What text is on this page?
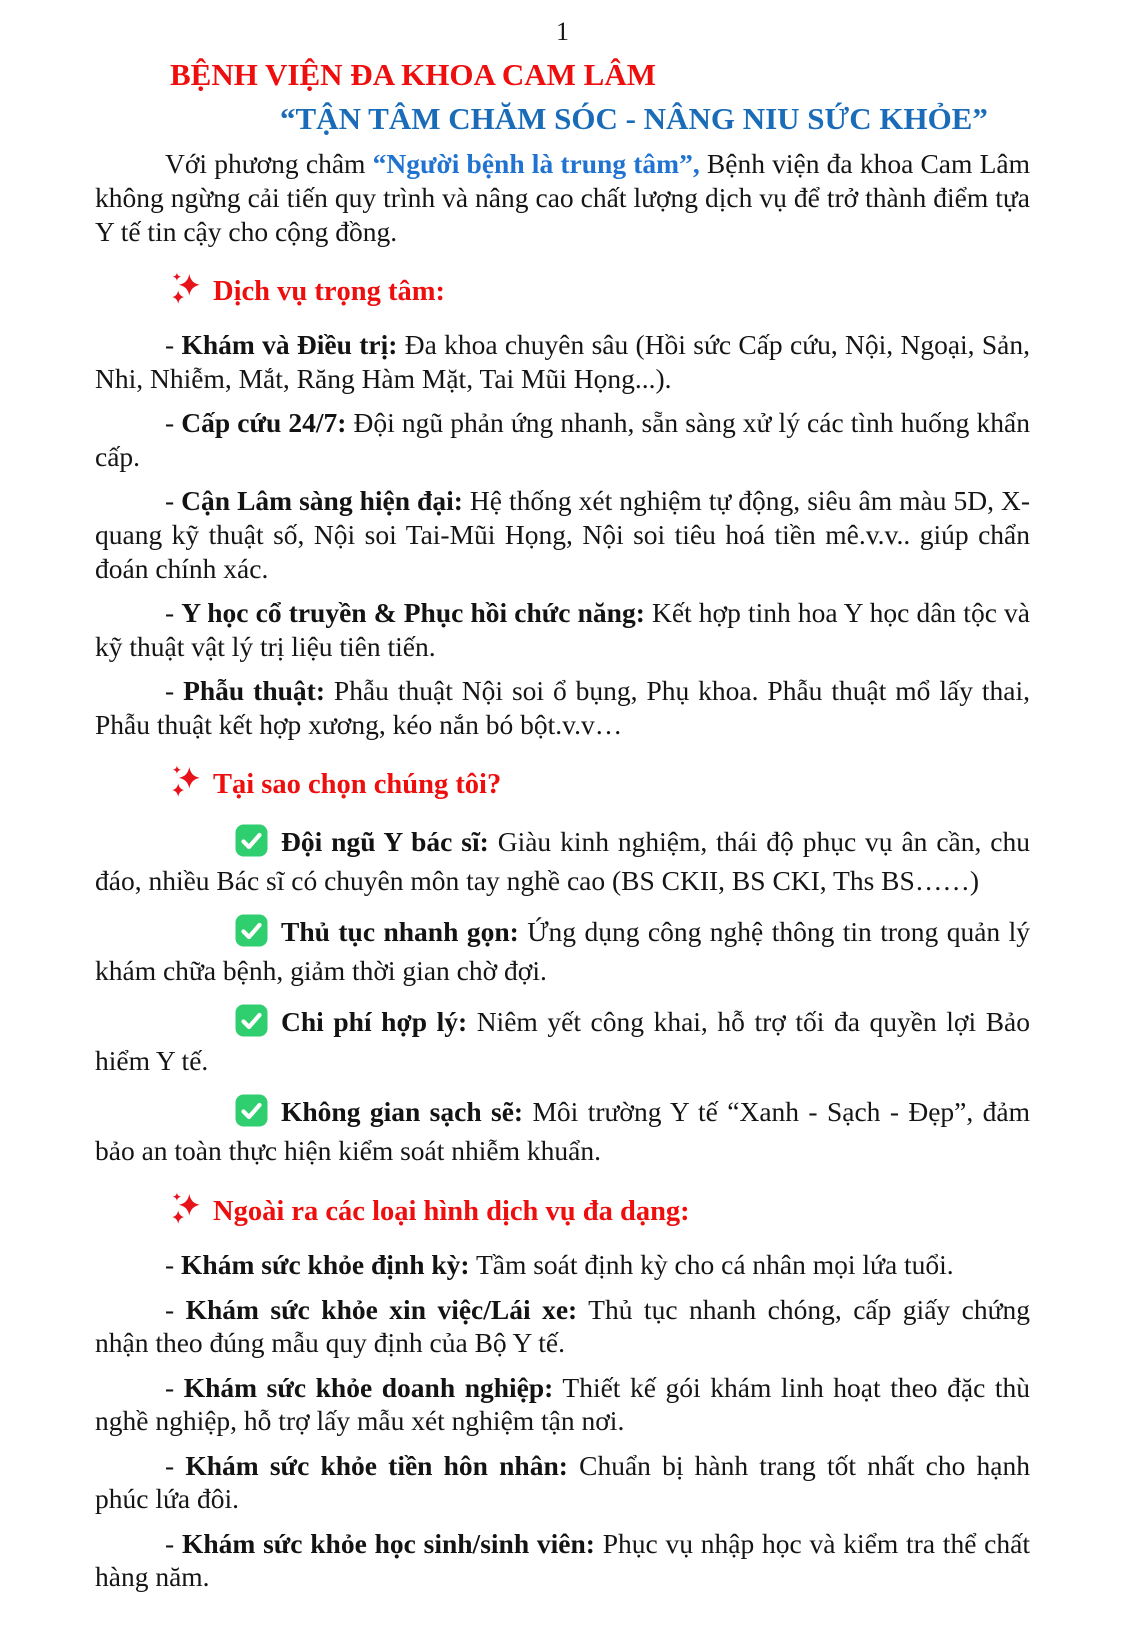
1
BỆNH VIỆN ĐA KHOA CAM LÂM
“TẬN TÂM CHĂM SÓC - NÂNG NIU SỨC KHỎE”

Với phương châm “Người bệnh là trung tâm”, Bệnh viện đa khoa Cam Lâm không ngừng cải tiến quy trình và nâng cao chất lượng dịch vụ để trở thành điểm tựa Y tế tin cậy cho cộng đồng.

Dịch vụ trọng tâm:

- Khám và Điều trị: Đa khoa chuyên sâu (Hồi sức Cấp cứu, Nội, Ngoại, Sản, Nhi, Nhiễm, Mắt, Răng Hàm Mặt, Tai Mũi Họng...).

- Cấp cứu 24/7: Đội ngũ phản ứng nhanh, sẵn sàng xử lý các tình huống khẩn cấp.

- Cận Lâm sàng hiện đại: Hệ thống xét nghiệm tự động, siêu âm màu 5D, X-quang kỹ thuật số, Nội soi Tai-Mũi Họng, Nội soi tiêu hoá tiền mê.v.v.. giúp chẩn đoán chính xác.

- Y học cổ truyền & Phục hồi chức năng: Kết hợp tinh hoa Y học dân tộc và kỹ thuật vật lý trị liệu tiên tiến.

- Phẫu thuật: Phẫu thuật Nội soi ổ bụng, Phụ khoa. Phẫu thuật mổ lấy thai, Phẫu thuật kết hợp xương, kéo nắn bó bột.v.v…

Tại sao chọn chúng tôi?

Đội ngũ Y bác sĩ: Giàu kinh nghiệm, thái độ phục vụ ân cần, chu đáo, nhiều Bác sĩ có chuyên môn tay nghề cao (BS CKII, BS CKI, Ths BS……)

Thủ tục nhanh gọn: Ứng dụng công nghệ thông tin trong quản lý khám chữa bệnh, giảm thời gian chờ đợi.

Chi phí hợp lý: Niêm yết công khai, hỗ trợ tối đa quyền lợi Bảo hiểm Y tế.

Không gian sạch sẽ: Môi trường Y tế “Xanh - Sạch - Đẹp”, đảm bảo an toàn thực hiện kiểm soát nhiễm khuẩn.

Ngoài ra các loại hình dịch vụ đa dạng:

- Khám sức khỏe định kỳ: Tầm soát định kỳ cho cá nhân mọi lứa tuổi.

- Khám sức khỏe xin việc/Lái xe: Thủ tục nhanh chóng, cấp giấy chứng nhận theo đúng mẫu quy định của Bộ Y tế.

- Khám sức khỏe doanh nghiệp: Thiết kế gói khám linh hoạt theo đặc thù nghề nghiệp, hỗ trợ lấy mẫu xét nghiệm tận nơi.

- Khám sức khỏe tiền hôn nhân: Chuẩn bị hành trang tốt nhất cho hạnh phúc lứa đôi.

- Khám sức khỏe học sinh/sinh viên: Phục vụ nhập học và kiểm tra thể chất hàng năm.
